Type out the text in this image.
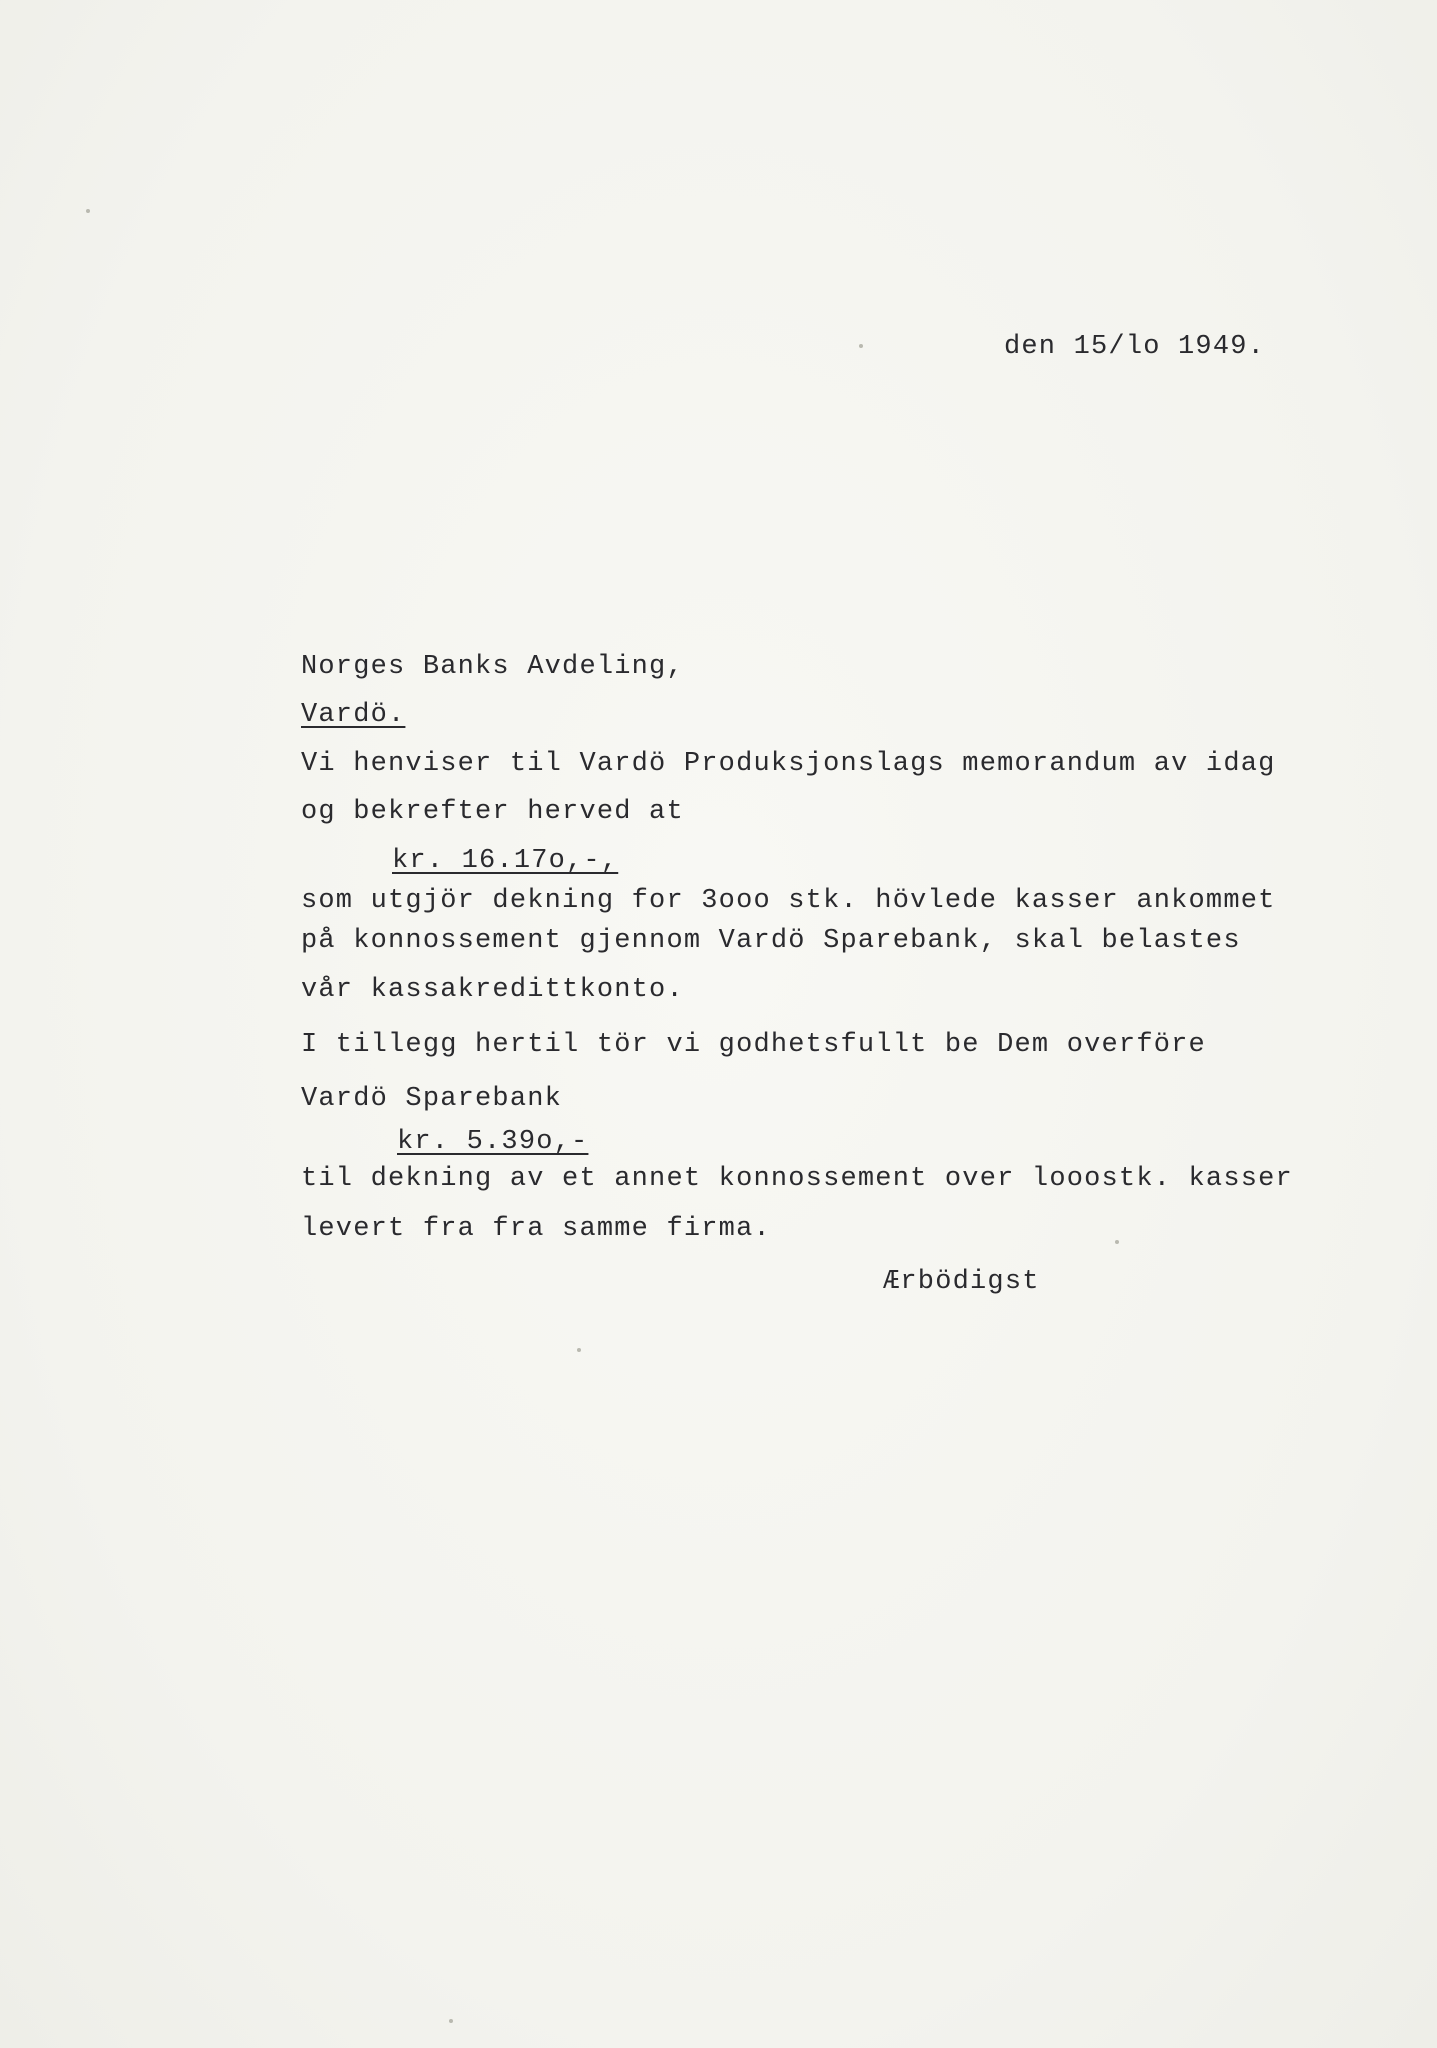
den 15/lo 1949.
Norges Banks Avdeling,
Vardö.
Vi henviser til Vardö Produksjonslags memorandum av idag
og bekrefter herved at
kr. 16.17o,-,
som utgjör dekning for 3ooo stk. hövlede kasser ankommet
på konnossement gjennom Vardö Sparebank, skal belastes
vår kassakredittkonto.
I tillegg hertil tör vi godhetsfullt be Dem overföre
Vardö Sparebank
kr. 5.39o,-
til dekning av et annet konnossement over looostk. kasser
levert fra fra samme firma.
Ærbödigst
